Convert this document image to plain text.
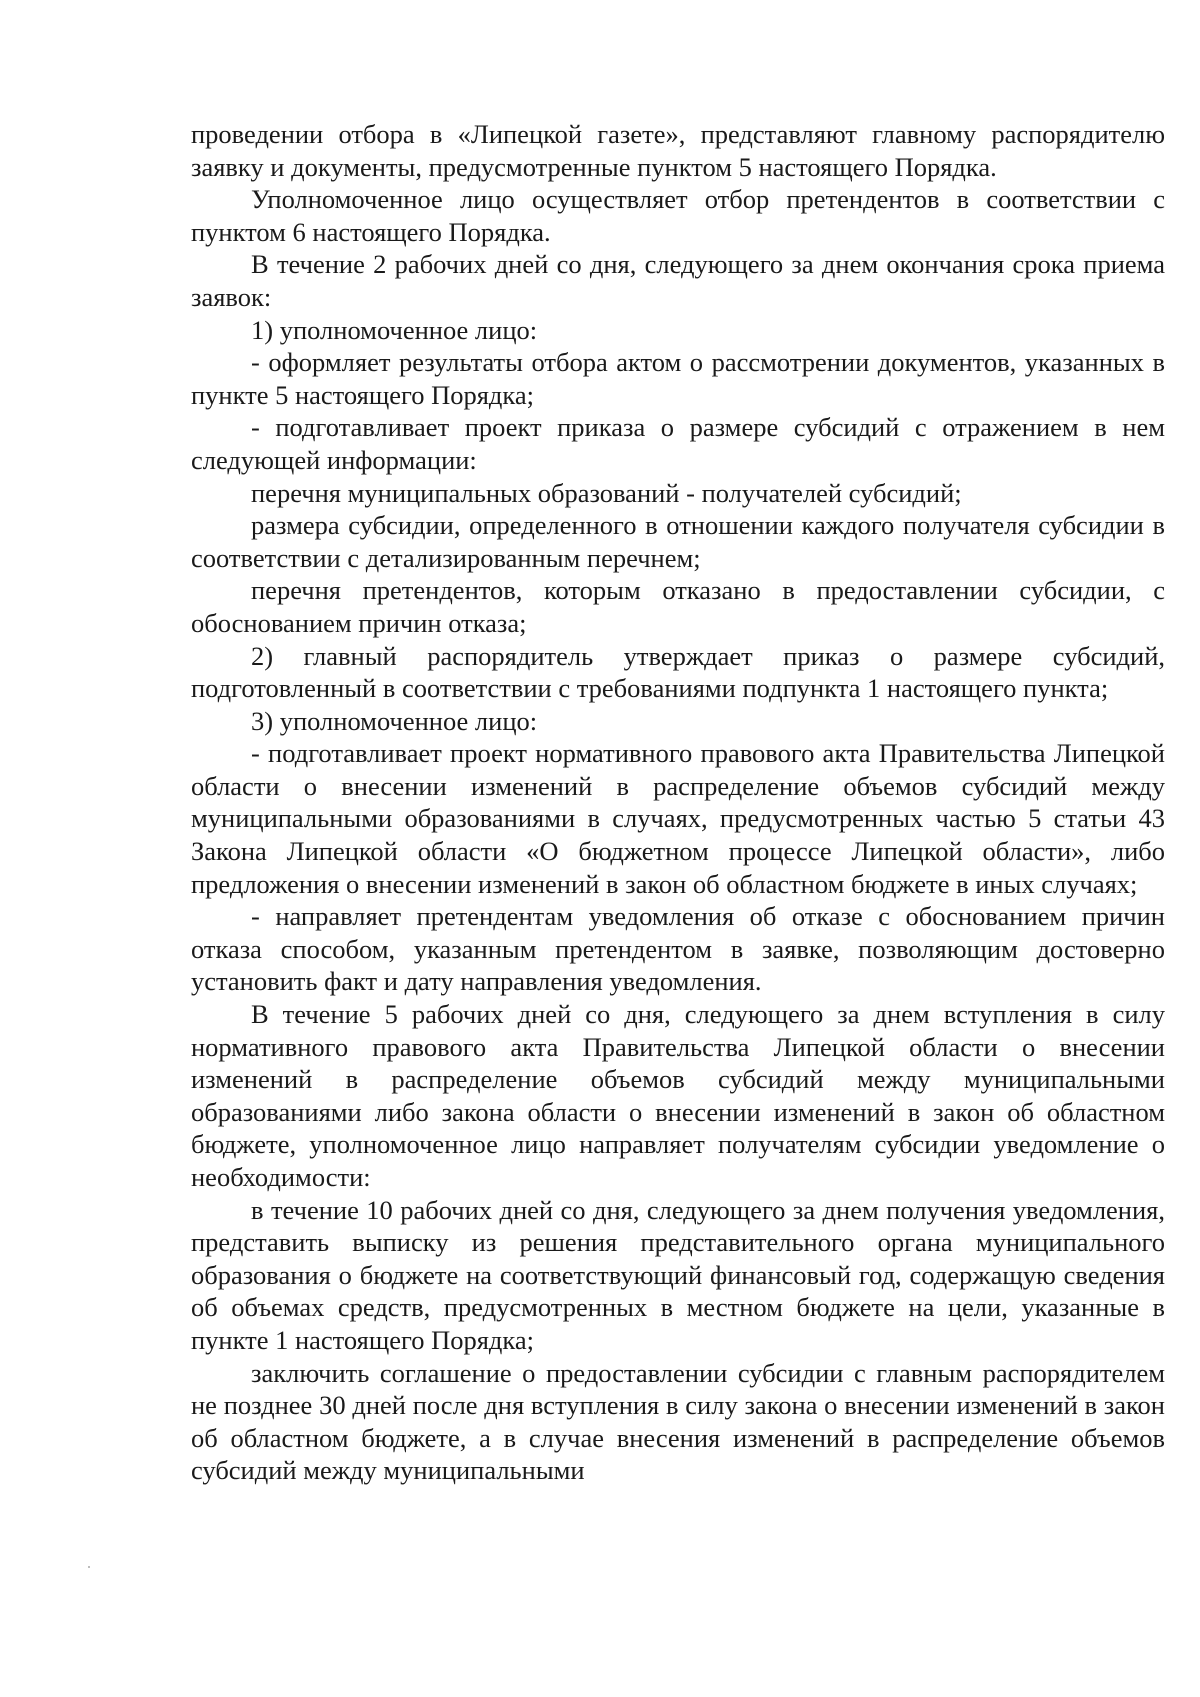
проведении отбора в «Липецкой газете», представляют главному распорядителю заявку и документы, предусмотренные пунктом 5 настоящего Порядка.

Уполномоченное лицо осуществляет отбор претендентов в соответствии с пунктом 6 настоящего Порядка.

В течение 2 рабочих дней со дня, следующего за днем окончания срока приема заявок:

1) уполномоченное лицо:

- оформляет результаты отбора актом о рассмотрении документов, указанных в пункте 5 настоящего Порядка;

- подготавливает проект приказа о размере субсидий с отражением в нем следующей информации:

перечня муниципальных образований - получателей субсидий;

размера субсидии, определенного в отношении каждого получателя субсидии в соответствии с детализированным перечнем;

перечня претендентов, которым отказано в предоставлении субсидии, с обоснованием причин отказа;

2) главный распорядитель утверждает приказ о размере субсидий, подготовленный в соответствии с требованиями подпункта 1 настоящего пункта;

3) уполномоченное лицо:

- подготавливает проект нормативного правового акта Правительства Липецкой области о внесении изменений в распределение объемов субсидий между муниципальными образованиями в случаях, предусмотренных частью 5 статьи 43 Закона Липецкой области «О бюджетном процессе Липецкой области», либо предложения о внесении изменений в закон об областном бюджете в иных случаях;

- направляет претендентам уведомления об отказе с обоснованием причин отказа способом, указанным претендентом в заявке, позволяющим достоверно установить факт и дату направления уведомления.

В течение 5 рабочих дней со дня, следующего за днем вступления в силу нормативного правового акта Правительства Липецкой области о внесении изменений в распределение объемов субсидий между муниципальными образованиями либо закона области о внесении изменений в закон об областном бюджете, уполномоченное лицо направляет получателям субсидии уведомление о необходимости:

в течение 10 рабочих дней со дня, следующего за днем получения уведомления, представить выписку из решения представительного органа муниципального образования о бюджете на соответствующий финансовый год, содержащую сведения об объемах средств, предусмотренных в местном бюджете на цели, указанные в пункте 1 настоящего Порядка;

заключить соглашение о предоставлении субсидии с главным распорядителем не позднее 30 дней после дня вступления в силу закона о внесении изменений в закон об областном бюджете, а в случае внесения изменений в распределение объемов субсидий между муниципальными
